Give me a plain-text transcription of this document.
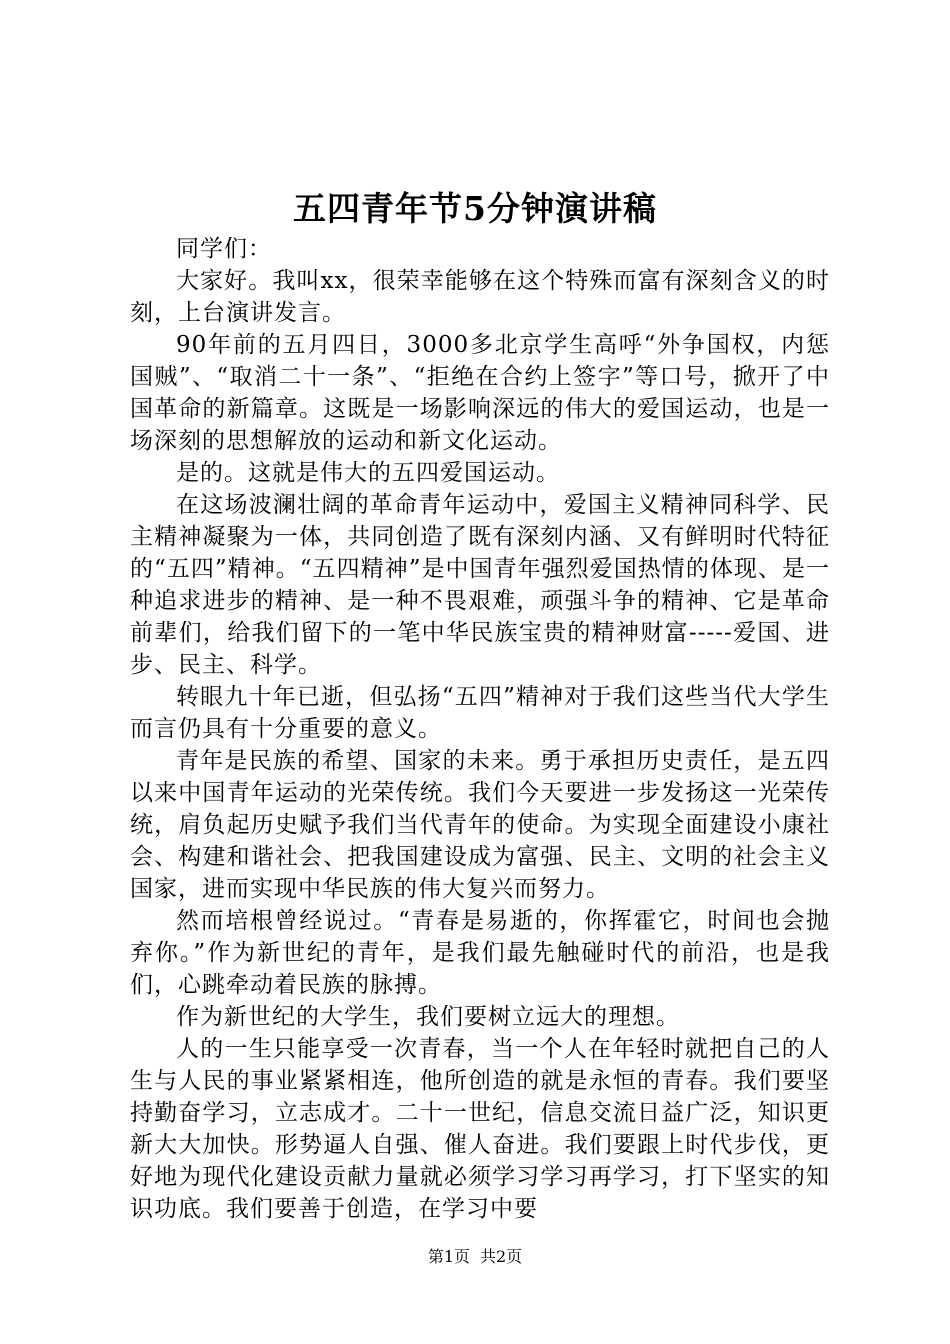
五四青年节5分钟演讲稿

同学们：

大家好。我叫xx，很荣幸能够在这个特殊而富有深刻含义的时刻，上台演讲发言。

90年前的五月四日，3000多北京学生高呼“外争国权，内惩国贼”、“取消二十一条”、“拒绝在合约上签字”等口号，掀开了中国革命的新篇章。这既是一场影响深远的伟大的爱国运动，也是一场深刻的思想解放的运动和新文化运动。

是的。这就是伟大的五四爱国运动。

在这场波澜壮阔的革命青年运动中，爱国主义精神同科学、民主精神凝聚为一体，共同创造了既有深刻内涵、又有鲜明时代特征的“五四”精神。“五四精神”是中国青年强烈爱国热情的体现、是一种追求进步的精神、是一种不畏艰难，顽强斗争的精神、它是革命前辈们，给我们留下的一笔中华民族宝贵的精神财富-----爱国、进步、民主、科学。

转眼九十年已逝，但弘扬“五四”精神对于我们这些当代大学生而言仍具有十分重要的意义。

青年是民族的希望、国家的未来。勇于承担历史责任，是五四以来中国青年运动的光荣传统。我们今天要进一步发扬这一光荣传统，肩负起历史赋予我们当代青年的使命。为实现全面建设小康社会、构建和谐社会、把我国建设成为富强、民主、文明的社会主义国家，进而实现中华民族的伟大复兴而努力。

然而培根曾经说过。“青春是易逝的，你挥霍它，时间也会抛弃你。”作为新世纪的青年，是我们最先触碰时代的前沿，也是我们，心跳牵动着民族的脉搏。

作为新世纪的大学生，我们要树立远大的理想。

人的一生只能享受一次青春，当一个人在年轻时就把自己的人生与人民的事业紧紧相连，他所创造的就是永恒的青春。我们要坚持勤奋学习，立志成才。二十一世纪，信息交流日益广泛，知识更新大大加快。形势逼人自强、催人奋进。我们要跟上时代步伐，更好地为现代化建设贡献力量就必须学习学习再学习，打下坚实的知识功底。我们要善于创造，在学习中要

第1页 共2页
